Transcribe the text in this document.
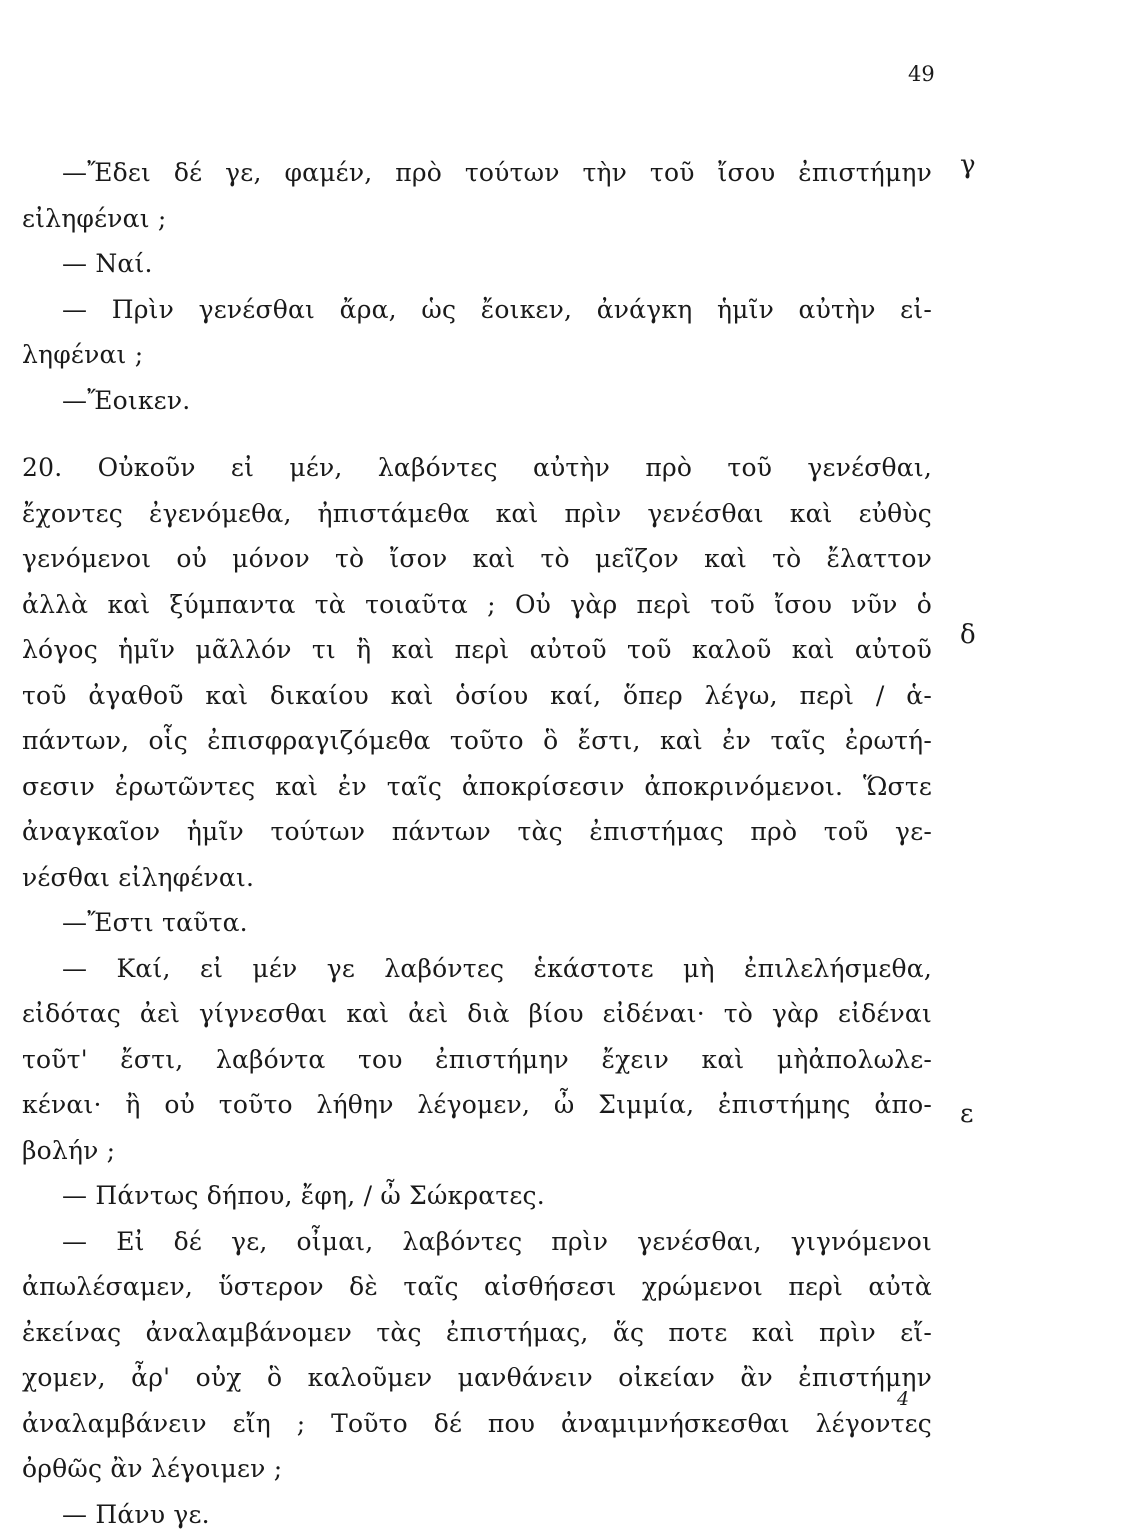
49
γ
δ
ε
—Ἔδει δέ γε, φαμέν, πρὸ τούτων τὴν τοῦ ἴσου ἐπιστήμην
εἰληφέναι ;
— Ναί.
— Πρὶν γενέσθαι ἄρα, ὡς ἔοικεν, ἀνάγκη ἡμῖν αὐτὴν εἰ-
ληφέναι ;
—Ἔοικεν.
20. Οὐκοῦν εἰ μέν, λαβόντες αὐτὴν πρὸ τοῦ γενέσθαι,
ἔχοντες ἐγενόμεθα, ἠπιστάμεθα καὶ πρὶν γενέσθαι καὶ εὐθὺς
γενόμενοι οὐ μόνον τὸ ἴσον καὶ τὸ μεῖζον καὶ τὸ ἔλαττον
ἀλλὰ καὶ ξύμπαντα τὰ τοιαῦτα ; Οὐ γὰρ περὶ τοῦ ἴσου νῦν ὁ
λόγος ἡμῖν μᾶλλόν τι ἢ καὶ περὶ αὐτοῦ τοῦ καλοῦ καὶ αὐτοῦ
τοῦ ἀγαθοῦ καὶ δικαίου καὶ ὁσίου καί, ὅπερ λέγω, περὶ / ἁ-
πάντων, οἷς ἐπισφραγιζόμεθα τοῦτο ὃ ἔστι, καὶ ἐν ταῖς ἐρωτή-
σεσιν ἐρωτῶντες καὶ ἐν ταῖς ἀποκρίσεσιν ἀποκρινόμενοι. Ὥστε
ἀναγκαῖον ἡμῖν τούτων πάντων τὰς ἐπιστήμας πρὸ τοῦ γε-
νέσθαι εἰληφέναι.
—Ἔστι ταῦτα.
— Καί, εἰ μέν γε λαβόντες ἑκάστοτε μὴ ἐπιλελήσμεθα,
εἰδότας ἀεὶ γίγνεσθαι καὶ ἀεὶ διὰ βίου εἰδέναι· τὸ γὰρ εἰδέναι
τοῦτ' ἔστι, λαβόντα του ἐπιστήμην ἔχειν καὶ μὴἀπολωλε-
κέναι· ἢ οὐ τοῦτο λήθην λέγομεν, ὦ Σιμμία, ἐπιστήμης ἀπο-
βολήν ;
— Πάντως δήπου, ἔφη, / ὦ Σώκρατες.
— Εἰ δέ γε, οἶμαι, λαβόντες πρὶν γενέσθαι, γιγνόμενοι
ἀπωλέσαμεν, ὕστερον δὲ ταῖς αἰσθήσεσι χρώμενοι περὶ αὐτὰ
ἐκείνας ἀναλαμβάνομεν τὰς ἐπιστήμας, ἅς ποτε καὶ πρὶν εἴ-
χομεν, ἆρ' οὐχ ὃ καλοῦμεν μανθάνειν οἰκείαν ἂν ἐπιστήμην
ἀναλαμβάνειν εἴη ; Τοῦτο δέ που ἀναμιμνήσκεσθαι λέγοντες
ὀρθῶς ἂν λέγοιμεν ;
— Πάνυ γε.
4
